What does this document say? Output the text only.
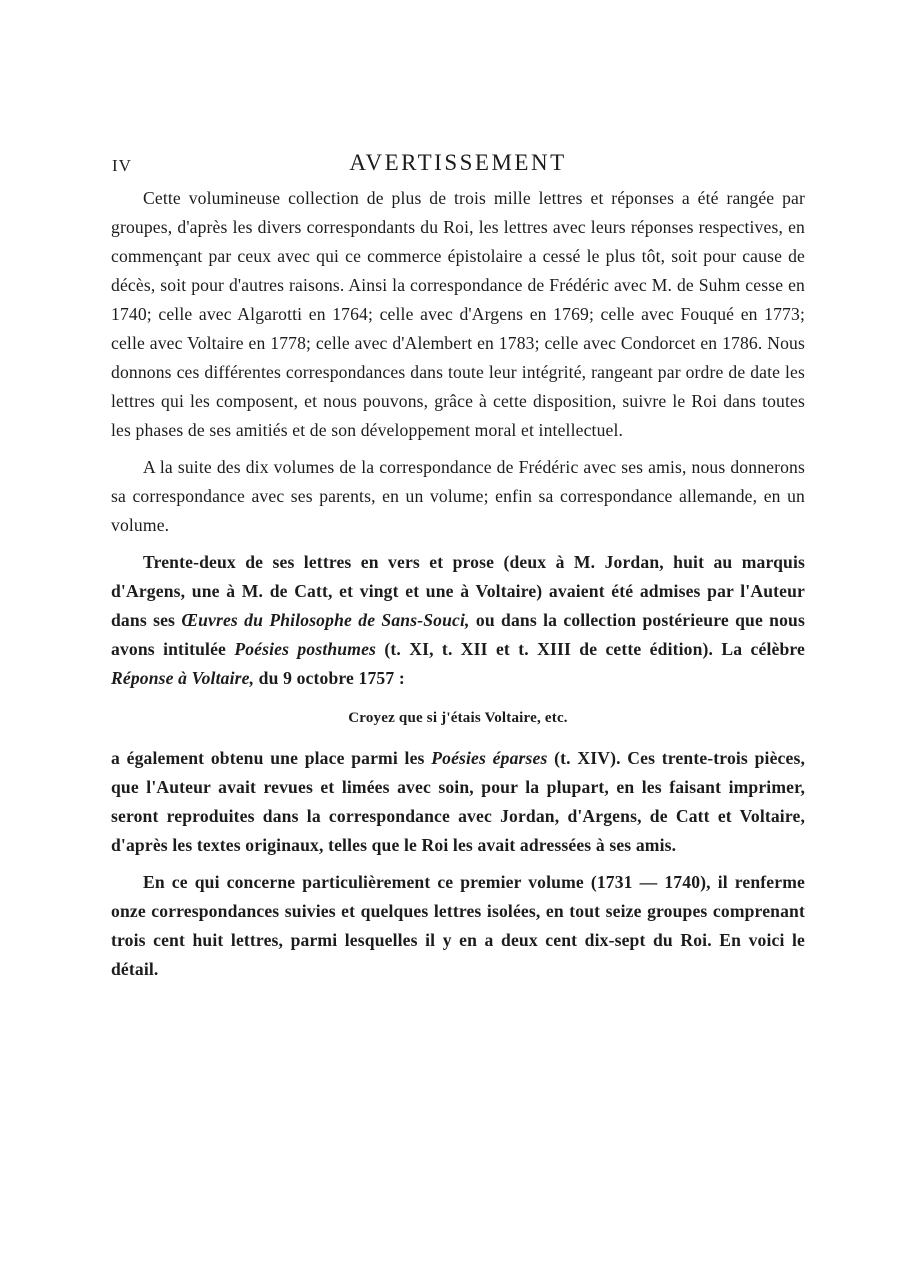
IV	AVERTISSEMENT

Cette volumineuse collection de plus de trois mille lettres et réponses a été rangée par groupes, d'après les divers correspondants du Roi, les lettres avec leurs réponses respectives, en commençant par ceux avec qui ce commerce épistolaire a cessé le plus tôt, soit pour cause de décès, soit pour d'autres raisons. Ainsi la correspondance de Frédéric avec M. de Suhm cesse en 1740; celle avec Algarotti en 1764; celle avec d'Argens en 1769; celle avec Fouqué en 1773; celle avec Voltaire en 1778; celle avec d'Alembert en 1783; celle avec Condorcet en 1786. Nous donnons ces différentes correspondances dans toute leur intégrité, rangeant par ordre de date les lettres qui les composent, et nous pouvons, grâce à cette disposition, suivre le Roi dans toutes les phases de ses amitiés et de son développement moral et intellectuel.

A la suite des dix volumes de la correspondance de Frédéric avec ses amis, nous donnerons sa correspondance avec ses parents, en un volume; enfin sa correspondance allemande, en un volume.

Trente-deux de ses lettres en vers et prose (deux à M. Jordan, huit au marquis d'Argens, une à M. de Catt, et vingt et une à Voltaire) avaient été admises par l'Auteur dans ses Œuvres du Philosophe de Sans-Souci, ou dans la collection postérieure que nous avons intitulée Poésies posthumes (t. XI, t. XII et t. XIII de cette édition). La célèbre Réponse à Voltaire, du 9 octobre 1757 :

Croyez que si j'étais Voltaire, etc.

a également obtenu une place parmi les Poésies éparses (t. XIV). Ces trente-trois pièces, que l'Auteur avait revues et limées avec soin, pour la plupart, en les faisant imprimer, seront reproduites dans la correspondance avec Jordan, d'Argens, de Catt et Voltaire, d'après les textes originaux, telles que le Roi les avait adressées à ses amis.

En ce qui concerne particulièrement ce premier volume (1731 — 1740), il renferme onze correspondances suivies et quelques lettres isolées, en tout seize groupes comprenant trois cent huit lettres, parmi lesquelles il y en a deux cent dix-sept du Roi. En voici le détail.
